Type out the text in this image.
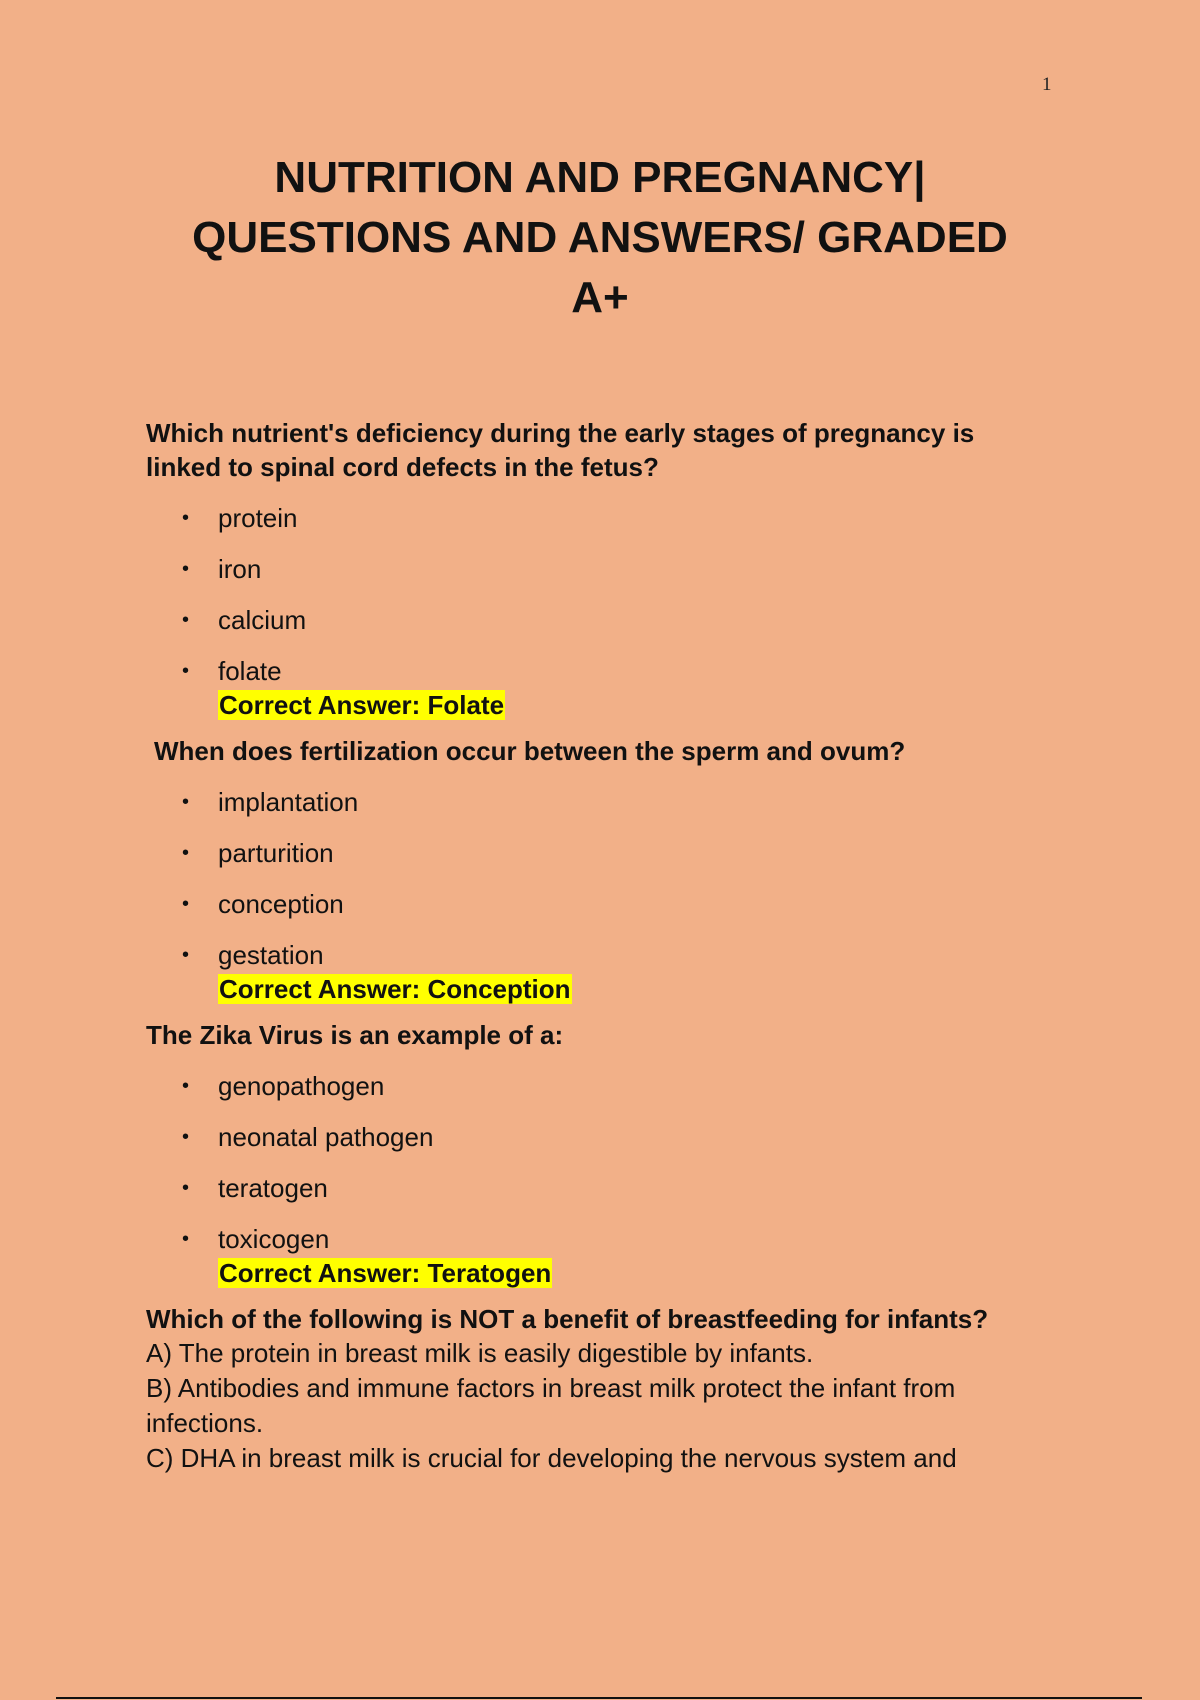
1
NUTRITION AND PREGNANCY|
QUESTIONS AND ANSWERS/ GRADED
A+

Which nutrient's deficiency during the early stages of pregnancy is linked to spinal cord defects in the fetus?

• protein
• iron
• calcium
• folate
Correct Answer: Folate

When does fertilization occur between the sperm and ovum?

• implantation
• parturition
• conception
• gestation
Correct Answer: Conception

The Zika Virus is an example of a:

• genopathogen
• neonatal pathogen
• teratogen
• toxicogen
Correct Answer: Teratogen

Which of the following is NOT a benefit of breastfeeding for infants?

A) The protein in breast milk is easily digestible by infants.

B) Antibodies and immune factors in breast milk protect the infant from infections.

C) DHA in breast milk is crucial for developing the nervous system and
